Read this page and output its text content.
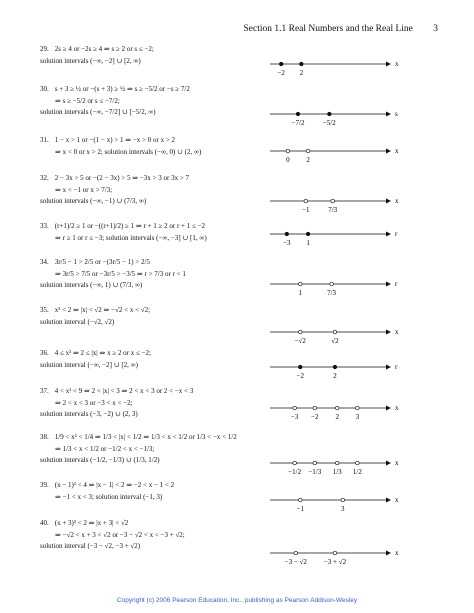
Section 1.1 Real Numbers and the Real Line 3
29. 2s ≥ 4 or −2s ≥ 4 ⇒ s ≥ 2 or s ≤ −2;
solution intervals (−∞, −2] ∪ [2, ∞)	x
−2 2
30. s + 3 ≥ ½ or −(s + 3) ≥ ½ ⇒ s ≥ −5/2 or −s ≥ 7/2
⇒ s ≥ −5/2 or s ≤ −7/2;
solution intervals (−∞, −7/2] ∪ [−5/2, ∞)	s
−7/2	−5/2
31. 1 − x > 1 or −(1 − x) > 1 ⇒ −x > 0 or x > 2
⇒ x < 0 or x > 2; solution intervals (−∞, 0) ∪ (2, ∞)	x
0 2
32. 2 − 3x > 5 or −(2 − 3x) > 5 ⇒ −3x > 3 or 3x > 7
⇒ x < −1 or x > 7/3;
solution intervals (−∞, −1) ∪ (7/3, ∞)	x
−1	7/3
33. (r+1)/2 ≥ 1 or −((r+1)/2) ≥ 1 ⇒ r + 1 ≥ 2 or r + 1 ≤ −2
⇒ r ≥ 1 or r ≤ −3; solution intervals (−∞, −3] ∪ [1, ∞)	r
−3 1
34. 3r/5 − 1 > 2/5 or −(3r/5 − 1) > 2/5
⇒ 3r/5 > 7/5 or −3r/5 > −3/5 ⇒ r > 7/3 or r < 1
solution intervals (−∞, 1) ∪ (7/3, ∞)	r
1	7/3
35. x² < 2 ⇒ |x| < √2 ⇒ −√2 < x < √2;
solution interval (−√2, √2)
x
−√2	√2
36. 4 ≤ x² ⇒ 2 ≤ |x| ⇒ x ≥ 2 or x ≤ −2;
solution interval (−∞, −2] ∪ [2, ∞)	r
−2	2
37. 4 < x² < 9 ⇒ 2 < |x| < 3 ⇒ 2 < x < 3 or 2 < −x < 3
⇒ 2 < x < 3 or −3 < x < −2;
solution intervals (−3, −2) ∪ (2, 3)
x
−3 −2 2 3
38. 1/9 < x² < 1/4 ⇒ 1/3 < |x| < 1/2 ⇒ 1/3 < x < 1/2 or 1/3 < −x < 1/2
⇒ 1/3 < x < 1/2 or −1/2 < x < −1/3;
solution intervals (−1/2, −1/3) ∪ (1/3, 1/2)	x
−1/2 −1/3 1/3 1/2
39. (x − 1)² < 4 ⇒ |x − 1| < 2 ⇒ −2 < x − 1 < 2
⇒ −1 < x < 3; solution interval (−1, 3)	x
−1	3
40. (x + 3)² < 2 ⇒ |x + 3| < √2
⇒ −√2 < x + 3 < √2 or −3 − √2 < x < −3 + √2;
solution interval (−3 − √2, −3 + √2)
x
−3 − √2 −3 + √2
Copyright (c) 2006 Pearson Education, Inc., publishing as Pearson Addison-Wesley
